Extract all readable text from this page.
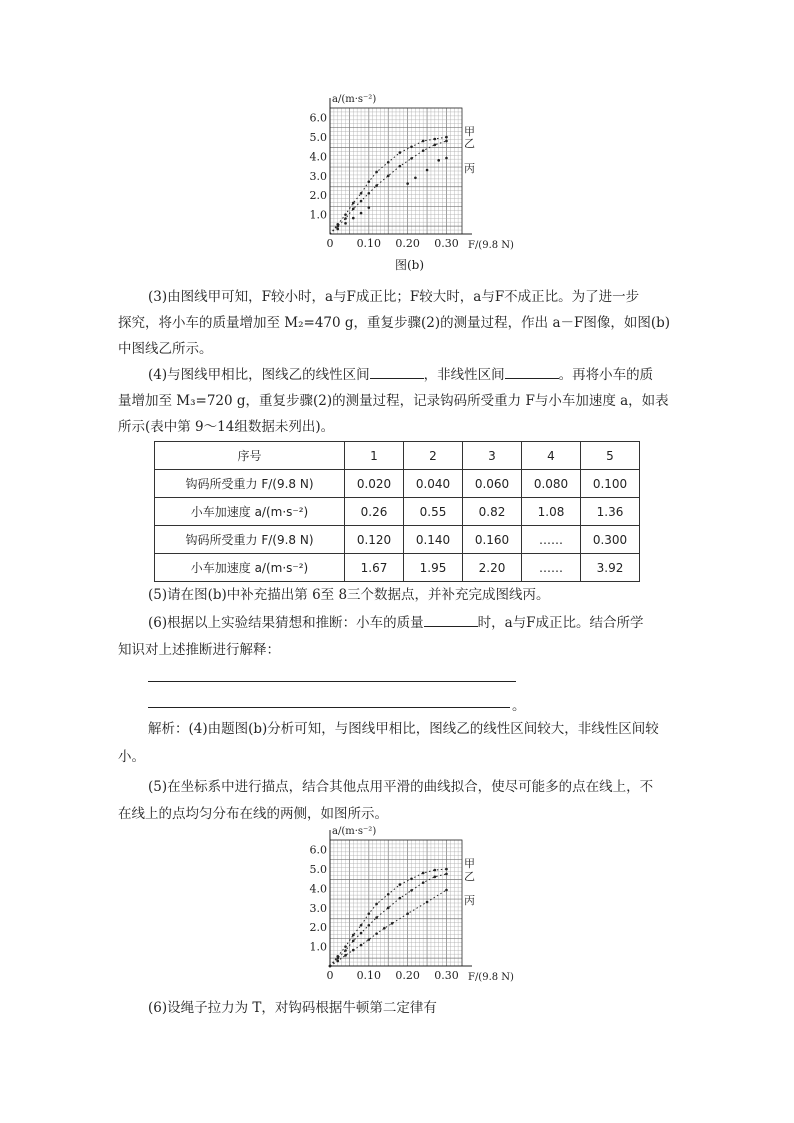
6.0
5.0
4.0
3.0
2.0
1.0
0 0.10 0.20 0.30
a/(m·s⁻²)
F/(9.8 N)
甲
乙
丙
图(b)
(3)由图线甲可知，F较小时，a与F成正比；F较大时，a与F不成正比。为了进一步
探究，将小车的质量增加至 M₂=470 g，重复步骤(2)的测量过程，作出 a－F图像，如图(b)
中图线乙所示。
(4)与图线甲相比，图线乙的线性区间	，非线性区间	。再将小车的质
量增加至 M₃=720 g，重复步骤(2)的测量过程，记录钩码所受重力 F与小车加速度 a，如表
所示(表中第 9～14组数据未列出)。
序号	1	2	3	4	5
钩码所受重力 F/(9.8 N)	0.020	0.040	0.060	0.080	0.100
小车加速度 a/(m·s⁻²)	0.26	0.55	0.82	1.08	1.36
钩码所受重力 F/(9.8 N)	0.120	0.140	0.160	……	0.300
小车加速度 a/(m·s⁻²)	1.67	1.95	2.20	……	3.92
(5)请在图(b)中补充描出第 6至 8三个数据点，并补充完成图线丙。
(6)根据以上实验结果猜想和推断：小车的质量	时，a与F成正比。结合所学
知识对上述推断进行解释：
。
解析：(4)由题图(b)分析可知，与图线甲相比，图线乙的线性区间较大，非线性区间较
小。
(5)在坐标系中进行描点，结合其他点用平滑的曲线拟合，使尽可能多的点在线上，不
在线上的点均匀分布在线的两侧，如图所示。
6.0
5.0
4.0
3.0
2.0
1.0
0 0.10 0.20 0.30
a/(m·s⁻²)
F/(9.8 N)
甲
乙
丙
(6)设绳子拉力为 T，对钩码根据牛顿第二定律有
